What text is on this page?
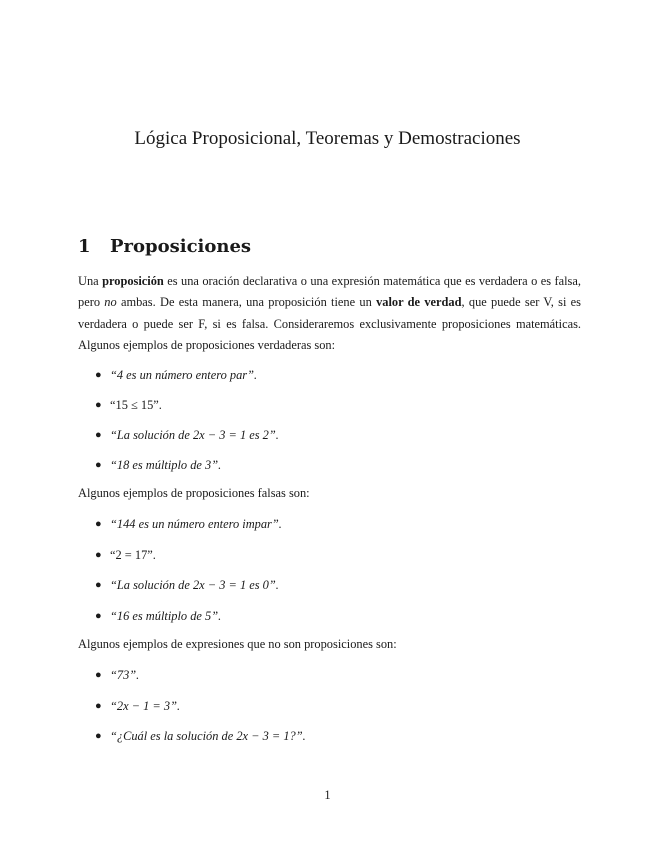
Lógica Proposicional, Teoremas y Demostraciones
1 Proposiciones

Una proposición es una oración declarativa o una expresión matemática que es verdadera o es falsa, pero no ambas. De esta manera, una proposición tiene un valor de verdad, que puede ser V, si es verdadera o puede ser F, si es falsa. Consideraremos exclusivamente proposiciones matemáticas. Algunos ejemplos de proposiciones verdaderas son:

● “4 es un número entero par”.
● “15 ≤ 15”.
● “La solución de 2x − 3 = 1 es 2”.
● “18 es múltiplo de 3”.

Algunos ejemplos de proposiciones falsas son:

● “144 es un número entero impar”.
● “2 = 17”.
● “La solución de 2x − 3 = 1 es 0”.
● “16 es múltiplo de 5”.

Algunos ejemplos de expresiones que no son proposiciones son:

● “73”.
● “2x − 1 = 3”.
● “¿Cuál es la solución de 2x − 3 = 1?”.
1
